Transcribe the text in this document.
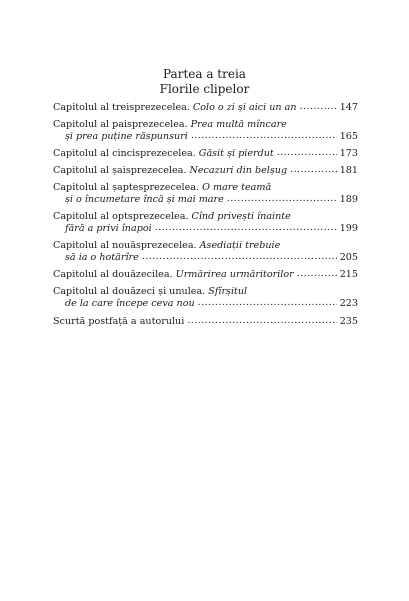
Partea a treia
Florile clipelor
Capitolul al treisprezecelea. Colo o zi și aici un an .....	147
Capitolul al paisprezecelea. Prea multă mîncare
și prea puține răspunsuri .....	165
Capitolul al cincisprezecelea. Găsit și pierdut .....	173
Capitolul al șaisprezecelea. Necazuri din belșug .....	181
Capitolul al șaptesprezecelea. O mare teamă
și o încumetare încă și mai mare .....	189
Capitolul al optsprezecelea. Cînd privești înainte
fără a privi înapoi .....	199
Capitolul al nouăsprezecelea. Asediații trebuie
să ia o hotărîre .....	205
Capitolul al douăzecilea. Urmărirea urmăritorilor .....	215
Capitolul al douăzeci și unulea. Sfîrșitul
de la care începe ceva nou .....	223
Scurtă postfață a autorului .....	235
